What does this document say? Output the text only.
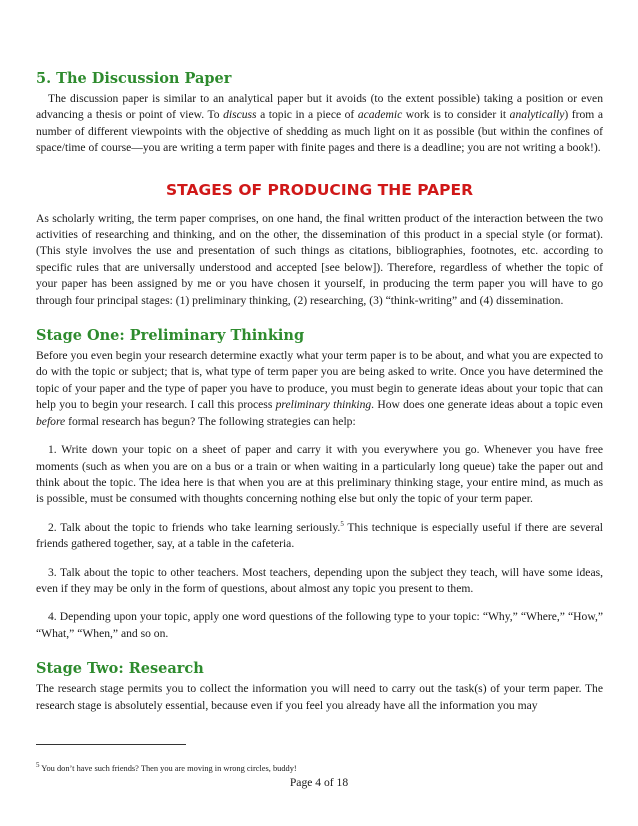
5. The Discussion Paper

The discussion paper is similar to an analytical paper but it avoids (to the extent possible) taking a position or even advancing a thesis or point of view. To discuss a topic in a piece of academic work is to consider it analytically) from a number of different viewpoints with the objective of shedding as much light on it as possible (but within the confines of space/time of course—you are writing a term paper with finite pages and there is a deadline; you are not writing a book!).

STAGES OF PRODUCING THE PAPER

As scholarly writing, the term paper comprises, on one hand, the final written product of the interaction between the two activities of researching and thinking, and on the other, the dissemination of this product in a special style (or format). (This style involves the use and presentation of such things as citations, bibliographies, footnotes, etc. according to specific rules that are universally understood and accepted [see below]). Therefore, regardless of whether the topic of your paper has been assigned by me or you have chosen it yourself, in producing the term paper you will have to go through four principal stages: (1) preliminary thinking, (2) researching, (3) “think-writing” and (4) dissemination.

Stage One: Preliminary Thinking

Before you even begin your research determine exactly what your term paper is to be about, and what you are expected to do with the topic or subject; that is, what type of term paper you are being asked to write. Once you have determined the topic of your paper and the type of paper you have to produce, you must begin to generate ideas about your topic that can help you to begin your research. I call this process preliminary thinking. How does one generate ideas about a topic even before formal research has begun? The following strategies can help:

1. Write down your topic on a sheet of paper and carry it with you everywhere you go. Whenever you have free moments (such as when you are on a bus or a train or when waiting in a particularly long queue) take the paper out and think about the topic. The idea here is that when you are at this preliminary thinking stage, your entire mind, as much as is possible, must be consumed with thoughts concerning nothing else but only the topic of your term paper.

2. Talk about the topic to friends who take learning seriously.$^5$ This technique is especially useful if there are several friends gathered together, say, at a table in the cafeteria.

3. Talk about the topic to other teachers. Most teachers, depending upon the subject they teach, will have some ideas, even if they may be only in the form of questions, about almost any topic you present to them.

4. Depending upon your topic, apply one word questions of the following type to your topic: “Why,” “Where,” “How,” “What,” “When,” and so on.

Stage Two: Research

The research stage permits you to collect the information you will need to carry out the task(s) of your term paper. The research stage is absolutely essential, because even if you feel you already have all the information you may

$^5$ You don’t have such friends? Then you are moving in wrong circles, buddy!
Page 4 of 18
